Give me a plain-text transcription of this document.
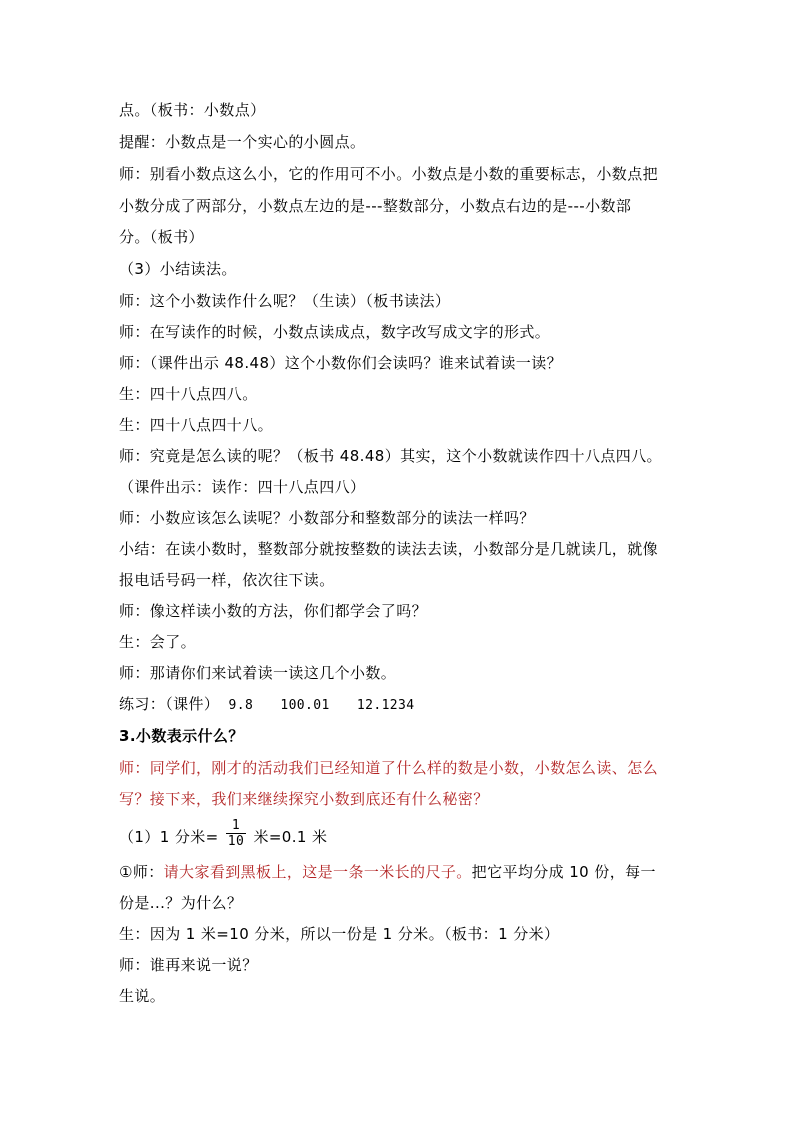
点。（板书：小数点）
提醒：小数点是一个实心的小圆点。
师：别看小数点这么小，它的作用可不小。小数点是小数的重要标志，小数点把
小数分成了两部分，小数点左边的是---整数部分，小数点右边的是---小数部
分。（板书）
（3）小结读法。
师：这个小数读作什么呢？（生读）（板书读法）
师：在写读作的时候，小数点读成点，数字改写成文字的形式。
师：（课件出示 48.48）这个小数你们会读吗？谁来试着读一读？
生：四十八点四八。
生：四十八点四十八。
师：究竟是怎么读的呢？（板书 48.48）其实，这个小数就读作四十八点四八。
（课件出示：读作：四十八点四八）
师：小数应该怎么读呢？小数部分和整数部分的读法一样吗？
小结：在读小数时，整数部分就按整数的读法去读，小数部分是几就读几，就像
报电话号码一样，依次往下读。
师：像这样读小数的方法，你们都学会了吗？
生：会了。
师：那请你们来试着读一读这几个小数。
练习：（课件） 9.8 100.01 12.1234
3.小数表示什么？
师：同学们，刚才的活动我们已经知道了什么样的数是小数，小数怎么读、怎么
写？接下来，我们来继续探究小数到底还有什么秘密？
（1）1 分米= $\frac{1}{10}$ 米=0.1 米
①师：请大家看到黑板上，这是一条一米长的尺子。把它平均分成 10 份，每一
份是...？为什么？
生：因为 1 米=10 分米，所以一份是 1 分米。（板书：1 分米）
师：谁再来说一说？
生说。
